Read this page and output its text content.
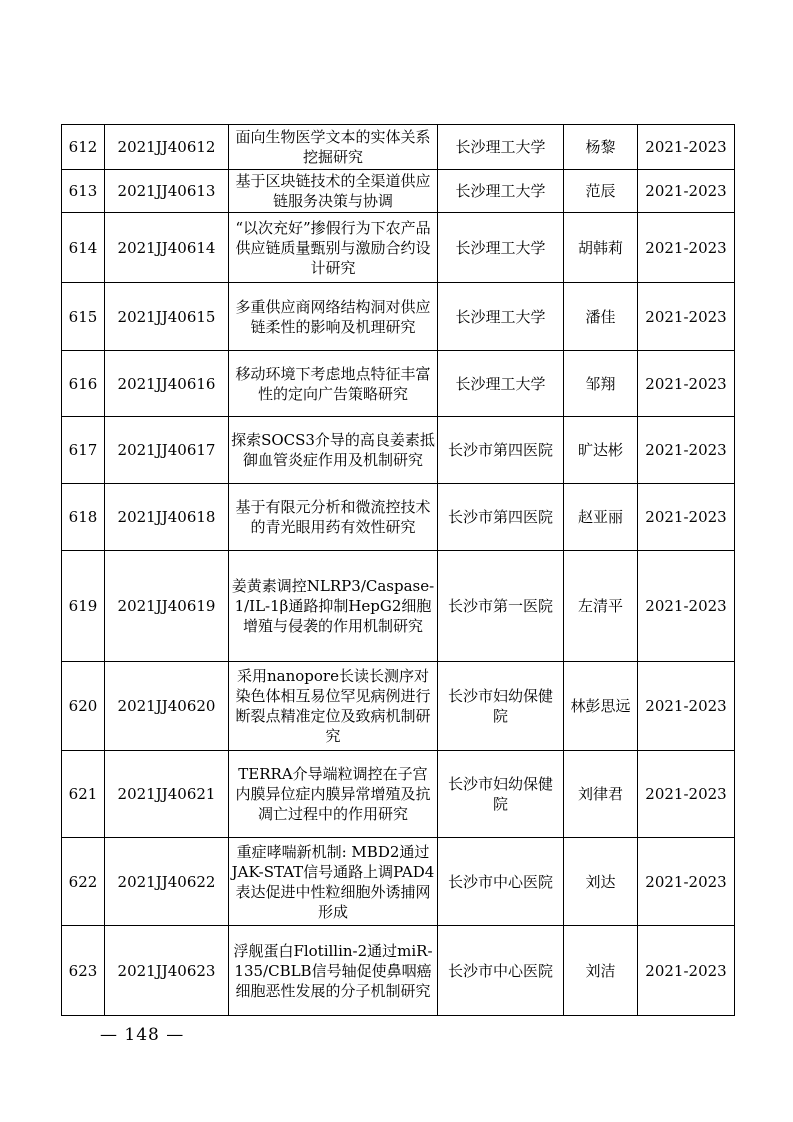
612	2021JJ40612	面向生物医学文本的实体关系挖掘研究	长沙理工大学	杨黎	2021-2023
613	2021JJ40613	基于区块链技术的全渠道供应链服务决策与协调	长沙理工大学	范辰	2021-2023
614	2021JJ40614	“以次充好”掺假行为下农产品供应链质量甄别与激励合约设计研究	长沙理工大学	胡韩莉	2021-2023
615	2021JJ40615	多重供应商网络结构洞对供应链柔性的影响及机理研究	长沙理工大学	潘佳	2021-2023
616	2021JJ40616	移动环境下考虑地点特征丰富性的定向广告策略研究	长沙理工大学	邹翔	2021-2023
617	2021JJ40617	探索SOCS3介导的高良姜素抵御血管炎症作用及机制研究	长沙市第四医院	旷达彬	2021-2023
618	2021JJ40618	基于有限元分析和微流控技术的青光眼用药有效性研究	长沙市第四医院	赵亚丽	2021-2023
619	2021JJ40619	姜黄素调控NLRP3/Caspase-1/IL-1β通路抑制HepG2细胞增殖与侵袭的作用机制研究	长沙市第一医院	左清平	2021-2023
620	2021JJ40620	采用nanopore长读长测序对染色体相互易位罕见病例进行断裂点精准定位及致病机制研究	长沙市妇幼保健院	林彭思远	2021-2023
621	2021JJ40621	TERRA介导端粒调控在子宫内膜异位症内膜异常增殖及抗凋亡过程中的作用研究	长沙市妇幼保健院	刘律君	2021-2023
622	2021JJ40622	重症哮喘新机制: MBD2通过JAK-STAT信号通路上调PAD4表达促进中性粒细胞外诱捕网形成	长沙市中心医院	刘达	2021-2023
623	2021JJ40623	浮舰蛋白Flotillin-2通过miR-135/CBLB信号轴促使鼻咽癌细胞恶性发展的分子机制研究	长沙市中心医院	刘洁	2021-2023
— 148 —
